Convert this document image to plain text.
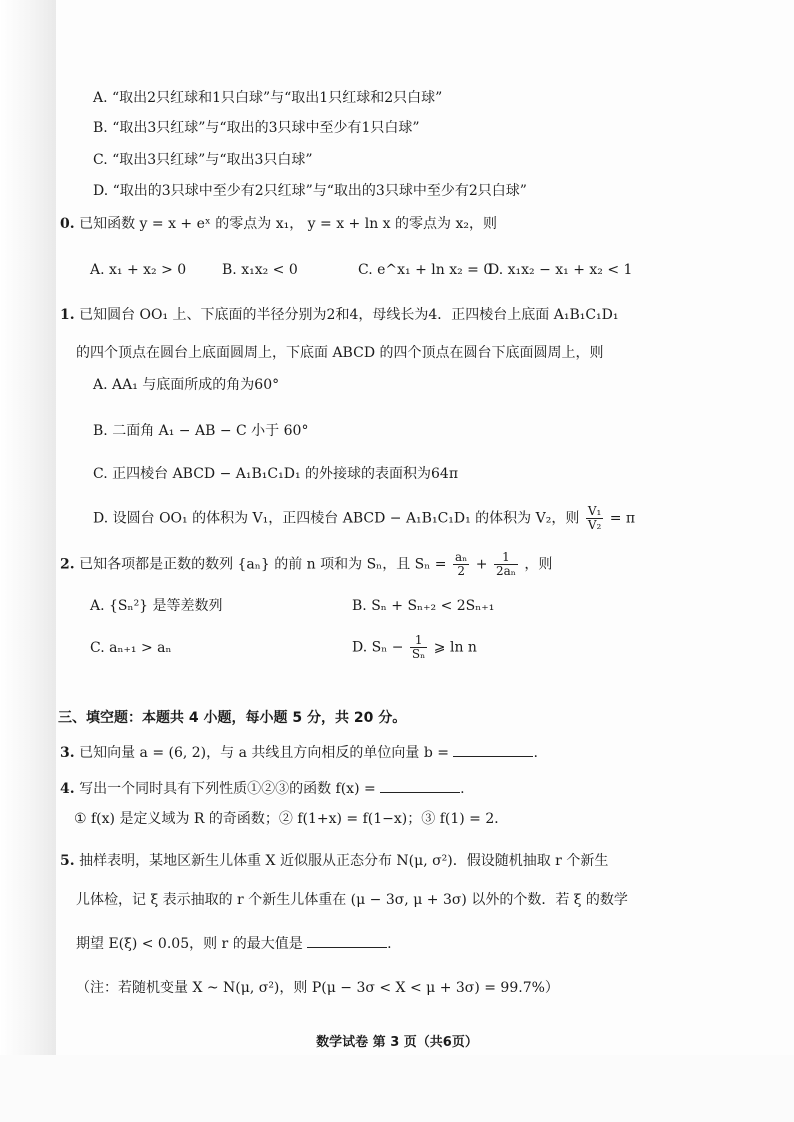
A. “取出2只红球和1只白球”与“取出1只红球和2只白球”
B. “取出3只红球”与“取出的3只球中至少有1只白球”
C. “取出3只红球”与“取出3只白球”
D. “取出的3只球中至少有2只红球”与“取出的3只球中至少有2只白球”
0. 已知函数 y = x + eˣ 的零点为 x₁， y = x + ln x 的零点为 x₂，则
A. x₁ + x₂ > 0	B. x₁x₂ < 0	C. e^x₁ + ln x₂ = 0
D. x₁x₂ − x₁ + x₂ < 1
1. 已知圆台 OO₁ 上、下底面的半径分别为2和4，母线长为4．正四棱台上底面 A₁B₁C₁D₁
的四个顶点在圆台上底面圆周上，下底面 ABCD 的四个顶点在圆台下底面圆周上，则
A. AA₁ 与底面所成的角为60°
B. 二面角 A₁ − AB − C 小于 60°
C. 正四棱台 ABCD − A₁B₁C₁D₁ 的外接球的表面积为64π
D. 设圆台 OO₁ 的体积为 V₁，正四棱台 ABCD − A₁B₁C₁D₁ 的体积为 V₂，则 $\frac{\text{V₁}}{\text{V₂}} = \pi$
2. 已知各项都是正数的数列 {aₙ} 的前 n 项和为 Sₙ，且 $S_n = \frac{\text{aₙ}}{2} + \frac{1}{\text{2aₙ}}$ ，则
A. {Sₙ²} 是等差数列	B. Sₙ + Sₙ₊₂ < 2Sₙ₊₁
C. aₙ₊₁ > aₙ	D. $S_n - \frac{1}{\text{Sₙ}}$ ⩾ ln n
三、填空题：本题共 4 小题，每小题 5 分，共 20 分。
3. 已知向量 a = (6, 2)，与 a 共线且方向相反的单位向量 b =	.
4. 写出一个同时具有下列性质①②③的函数 f(x) =	.
① f(x) 是定义域为 R 的奇函数；② f(1+x) = f(1−x)；③ f(1) = 2．
5. 抽样表明，某地区新生儿体重 X 近似服从正态分布 N(μ, σ²)．假设随机抽取 r 个新生
儿体检，记 ξ 表示抽取的 r 个新生儿体重在 (μ − 3σ, μ + 3σ) 以外的个数．若 ξ 的数学
期望 E(ξ) < 0.05，则 r 的最大值是	.
（注：若随机变量 X ~ N(μ, σ²)，则 P(μ − 3σ < X < μ + 3σ) = 99.7%）
数学试卷 第 3 页（共6页）
